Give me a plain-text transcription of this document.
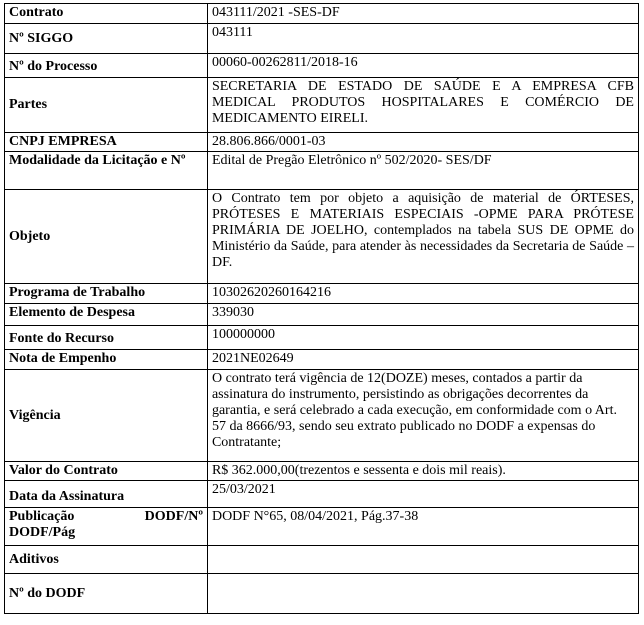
Contrato	043111/2021 -SES-DF
Nº SIGGO	043111
Nº do Processo	00060-00262811/2018-16
Partes	SECRETARIA DE ESTADO DE SAÚDE E A EMPRESA CFB MEDICAL PRODUTOS HOSPITALARES E COMÉRCIO DE MEDICAMENTO EIRELI.
CNPJ EMPRESA	28.806.866/0001-03
Modalidade da Licitação e Nº	Edital de Pregão Eletrônico nº 502/2020- SES/DF
Objeto	O Contrato tem por objeto a aquisição de material de ÓRTESES, PRÓTESES E MATERIAIS ESPECIAIS -OPME PARA PRÓTESE PRIMÁRIA DE JOELHO, contemplados na tabela SUS DE OPME do Ministério da Saúde, para atender às necessidades da Secretaria de Saúde – DF.
Programa de Trabalho	10302620260164216
Elemento de Despesa	339030
Fonte do Recurso	100000000
Nota de Empenho	2021NE02649
Vigência	O contrato terá vigência de 12(DOZE) meses, contados a partir da assinatura do instrumento, persistindo as obrigações decorrentes da garantia, e será celebrado a cada execução, em conformidade com o Art. 57 da 8666/93, sendo seu extrato publicado no DODF a expensas do Contratante;
Valor do Contrato	R$ 362.000,00(trezentos e sessenta e dois mil reais).
Data da Assinatura	25/03/2021

Publicação DODF/Nº DODF/Pág	DODF N°65, 08/04/2021, Pág.37-38
Aditivos	
Nº do DODF	
